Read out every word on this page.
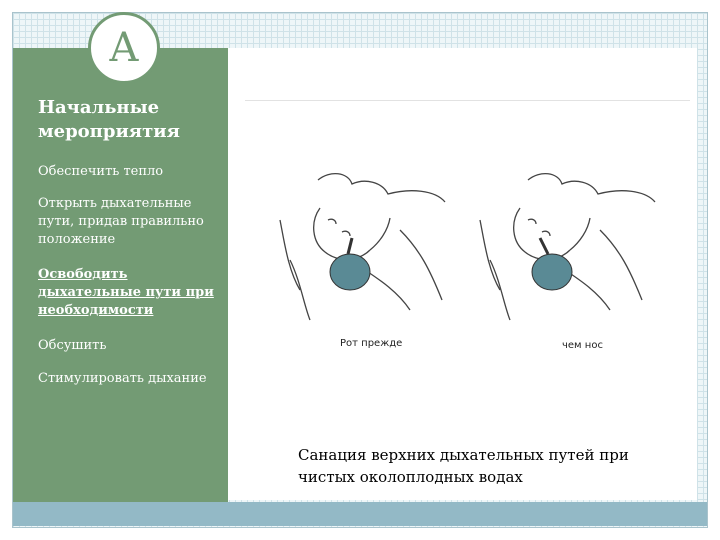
Начальные мероприятия
Обеспечить тепло
Открыть дыхательные пути, придав правильно положение
Освободить дыхательные пути при необходимости
Обсушить
Стимулировать дыхание
A
Рот прежде	чем нос
Санация верхних дыхательных путей при чистых околоплодных водах
